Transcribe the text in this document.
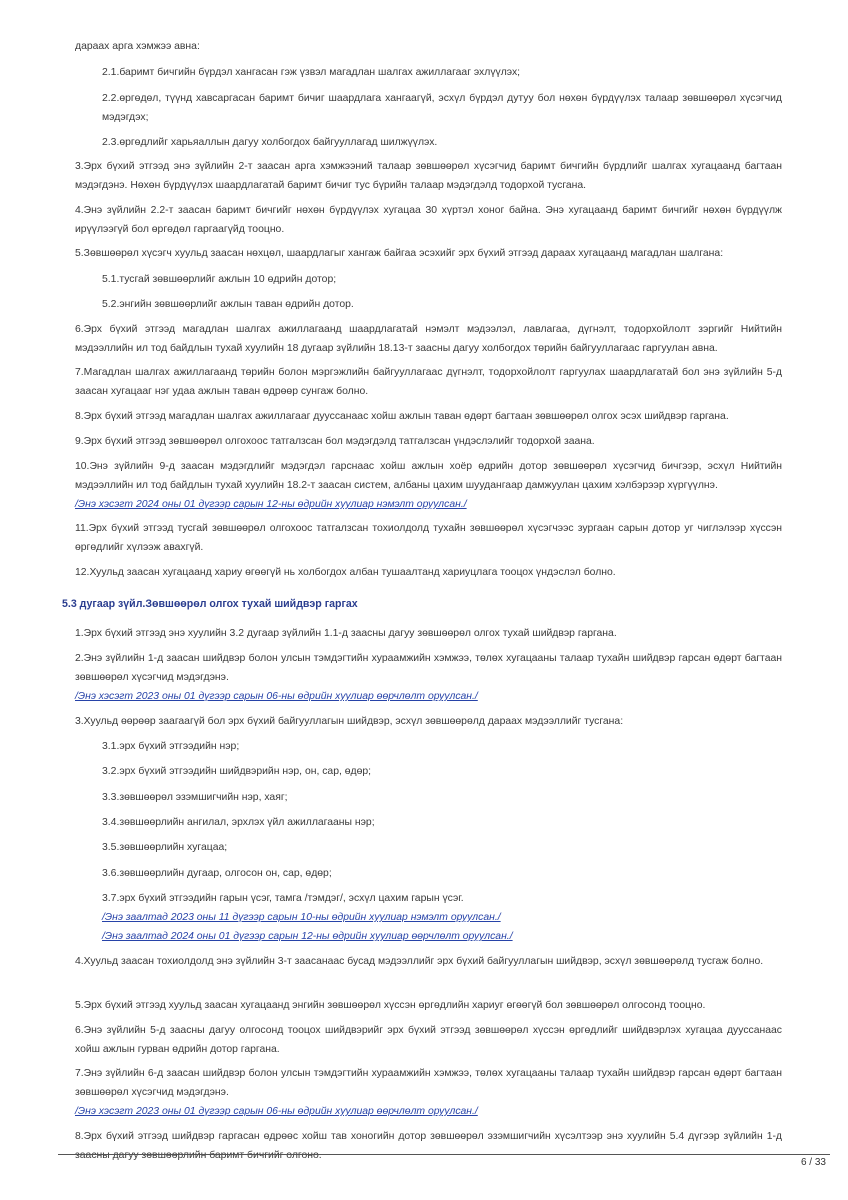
дараах арга хэмжээ авна:

2.1.баримт бичгийн бүрдэл хангасан гэж үзвэл магадлан шалгах ажиллагааг эхлүүлэх;

2.2.өргөдөл, түүнд хавсаргасан баримт бичиг шаардлага хангаагүй, эсхүл бүрдэл дутуу бол нөхөн бүрдүүлэх талаар зөвшөөрөл хүсэгчид мэдэгдэх;

2.3.өргөдлийг харьяаллын дагуу холбогдох байгууллагад шилжүүлэх.

3.Эрх бүхий этгээд энэ зүйлийн 2-т заасан арга хэмжээний талаар зөвшөөрөл хүсэгчид баримт бичгийн бүрдлийг шалгах хугацаанд багтаан мэдэгдэнэ. Нөхөн бүрдүүлэх шаардлагатай баримт бичиг тус бүрийн талаар мэдэгдэлд тодорхой тусгана.

4.Энэ зүйлийн 2.2-т заасан баримт бичгийг нөхөн бүрдүүлэх хугацаа 30 хүртэл хоног байна. Энэ хугацаанд баримт бичгийг нөхөн бүрдүүлж ирүүлээгүй бол өргөдөл гаргаагүйд тооцно.

5.Зөвшөөрөл хүсэгч хуульд заасан нөхцөл, шаардлагыг хангаж байгаа эсэхийг эрх бүхий этгээд дараах хугацаанд магадлан шалгана:

5.1.тусгай зөвшөөрлийг ажлын 10 өдрийн дотор;

5.2.энгийн зөвшөөрлийг ажлын таван өдрийн дотор.

6.Эрх бүхий этгээд магадлан шалгах ажиллагаанд шаардлагатай нэмэлт мэдээлэл, лавлагаа, дүгнэлт, тодорхойлолт зэргийг Нийтийн мэдээллийн ил тод байдлын тухай хуулийн 18 дугаар зүйлийн 18.13-т заасны дагуу холбогдох төрийн байгууллагаас гаргуулан авна.

7.Магадлан шалгах ажиллагаанд төрийн болон мэргэжлийн байгууллагаас дүгнэлт, тодорхойлолт гаргуулах шаардлагатай бол энэ зүйлийн 5-д заасан хугацааг нэг удаа ажлын таван өдрөөр сунгаж болно.

8.Эрх бүхий этгээд магадлан шалгах ажиллагааг дуусcанаас хойш ажлын таван өдөрт багтаан зөвшөөрөл олгох эсэх шийдвэр гаргана.

9.Эрх бүхий этгээд зөвшөөрөл олгохоос татгалзсан бол мэдэгдэлд татгалзсан үндэслэлийг тодорхой заана.

10.Энэ зүйлийн 9-д заасан мэдэгдлийг мэдэгдэл гарснаас хойш ажлын хоёр өдрийн дотор зөвшөөрөл хүсэгчид бичгээр, эсхүл Нийтийн мэдээллийн ил тод байдлын тухай хуулийн 18.2-т заасан систем, албаны цахим шуудангаар дамжуулан цахим хэлбэрээр хүргүүлнэ.
/Энэ хэсэгт 2024 оны 01 дүгээр сарын 12-ны өдрийн хуулиар нэмэлт оруулсан./

11.Эрх бүхий этгээд тусгай зөвшөөрөл олгохоос татгалзсан тохиолдолд тухайн зөвшөөрөл хүсэгчээс зургаан сарын дотор уг чиглэлээр хүссэн өргөдлийг хүлээж авахгүй.

12.Хуульд заасан хугацаанд хариу өгөөгүй нь холбогдох албан тушаалтанд хариуцлага тооцох үндэслэл болно.

5.3 дугаар зүйл.Зөвшөөрөл олгох тухай шийдвэр гаргах

1.Эрх бүхий этгээд энэ хуулийн 3.2 дугаар зүйлийн 1.1-д заасны дагуу зөвшөөрөл олгох тухай шийдвэр гаргана.

2.Энэ зүйлийн 1-д заасан шийдвэр болон улсын тэмдэгтийн хураамжийн хэмжээ, төлөх хугацааны талаар тухайн шийдвэр гарсан өдөрт багтаан зөвшөөрөл хүсэгчид мэдэгдэнэ.
/Энэ хэсэгт 2023 оны 01 дүгээр сарын 06-ны өдрийн хуулиар өөрчлөлт оруулсан./

3.Хуульд өөрөөр заагаагүй бол эрх бүхий байгууллагын шийдвэр, эсхүл зөвшөөрөлд дараах мэдээллийг тусгана:

3.1.эрх бүхий этгээдийн нэр;

3.2.эрх бүхий этгээдийн шийдвэрийн нэр, он, сар, өдөр;

3.3.зөвшөөрөл эзэмшигчийн нэр, хаяг;

3.4.зөвшөөрлийн ангилал, эрхлэх үйл ажиллагааны нэр;

3.5.зөвшөөрлийн хугацаа;

3.6.зөвшөөрлийн дугаар, олгосон он, сар, өдөр;

3.7.эрх бүхий этгээдийн гарын үсэг, тамга /тэмдэг/, эсхүл цахим гарын үсэг.
/Энэ заалтад 2023 оны 11 дүгээр сарын 10-ны өдрийн хуулиар нэмэлт оруулсан./
/Энэ заалтад 2024 оны 01 дүгээр сарын 12-ны өдрийн хуулиар өөрчлөлт оруулсан./

4.Хуульд заасан тохиолдолд энэ зүйлийн 3-т заасанаас бусад мэдээллийг эрх бүхий байгууллагын шийдвэр, эсхүл зөвшөөрөлд тусгаж болно.

5.Эрх бүхий этгээд хуульд заасан хугацаанд энгийн зөвшөөрөл хүссэн өргөдлийн хариуг өгөөгүй бол зөвшөөрөл олгосонд тооцно.

6.Энэ зүйлийн 5-д заасны дагуу олгосонд тооцох шийдвэрийг эрх бүхий этгээд зөвшөөрөл хүссэн өргөдлийг шийдвэрлэх хугацаа дуусcанаас хойш ажлын гурван өдрийн дотор гаргана.

7.Энэ зүйлийн 6-д заасан шийдвэр болон улсын тэмдэгтийн хураамжийн хэмжээ, төлөх хугацааны талаар тухайн шийдвэр гарсан өдөрт багтаан зөвшөөрөл хүсэгчид мэдэгдэнэ.
/Энэ хэсэгт 2023 оны 01 дүгээр сарын 06-ны өдрийн хуулиар өөрчлөлт оруулсан./

8.Эрх бүхий этгээд шийдвэр гаргасан өдрөөс хойш тав хоногийн дотор зөвшөөрөл эзэмшигчийн хүсэлтээр энэ хуулийн 5.4 дүгээр зүйлийн 1-д заасны дагуу зөвшөөрлийн баримт бичгийг олгоно.

6 / 33
